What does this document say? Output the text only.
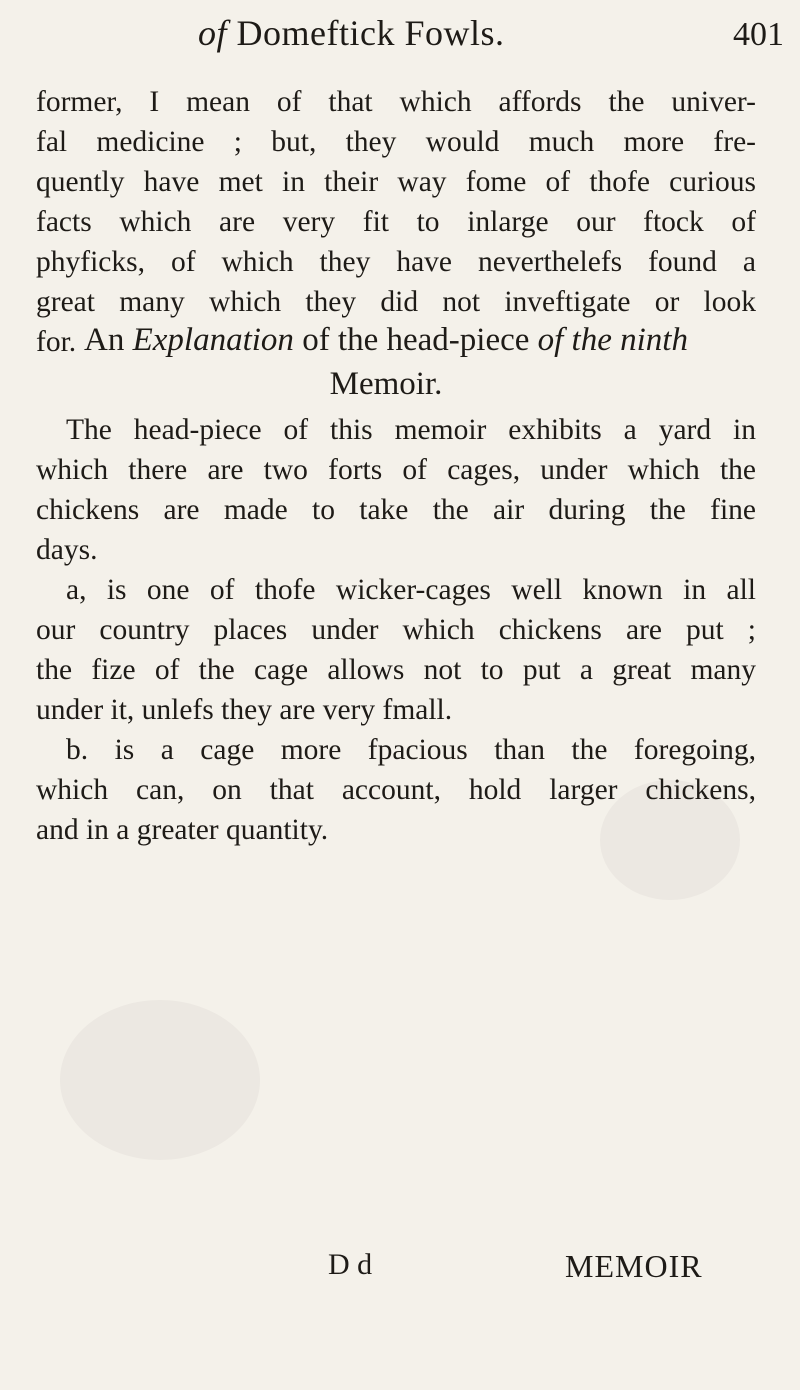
of Domeftick Fowls.	401
former, I mean of that which affords the univer-
fal medicine ; but, they would much more fre-
quently have met in their way fome of thofe curious
facts which are very fit to inlarge our ftock of
phyficks, of which they have neverthelefs found a
great many which they did not inveftigate or look
for. An Explanation of the head-piece of the ninth
Memoir.
The head-piece of this memoir exhibits a yard in
which there are two forts of cages, under which the
chickens are made to take the air during the fine
days.
a, is one of thofe wicker-cages well known in all
our country places under which chickens are put ;
the fize of the cage allows not to put a great many
under it, unlefs they are very fmall.
b. is a cage more fpacious than the foregoing,
which can, on that account, hold larger chickens,
and in a greater quantity.
D d	MEMOIR
